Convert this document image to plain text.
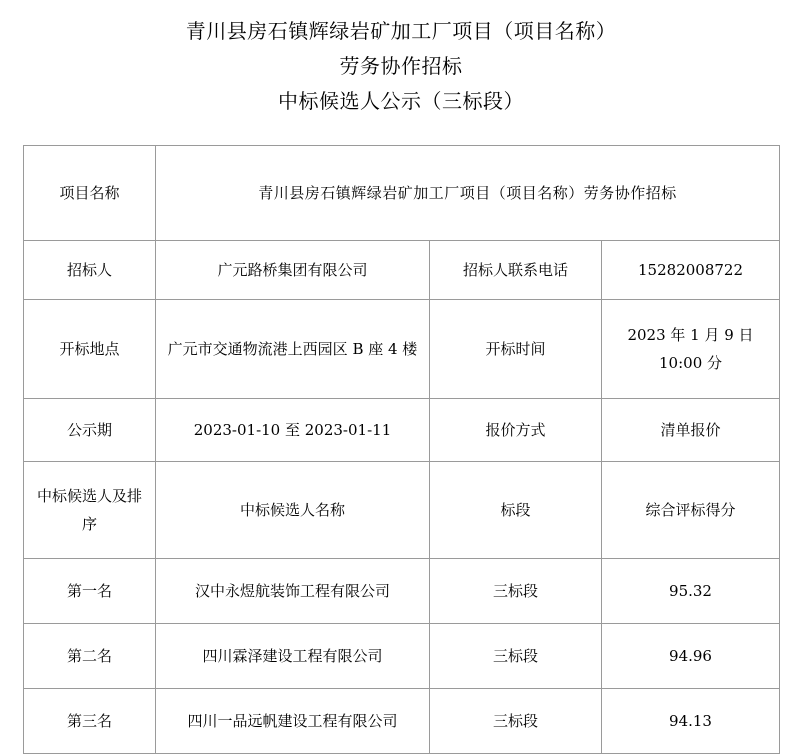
青川县房石镇辉绿岩矿加工厂项目（项目名称）
劳务协作招标
中标候选人公示（三标段）
项目名称	青川县房石镇辉绿岩矿加工厂项目（项目名称）劳务协作招标		
招标人	广元路桥集团有限公司	招标人联系电话	15282008722
开标地点	广元市交通物流港上西园区 B 座 4 楼	开标时间	2023 年 1 月 9 日 10:00 分
公示期	2023-01-10 至 2023-01-11	报价方式	清单报价
中标候选人及排序	中标候选人名称	标段	综合评标得分
第一名	汉中永煜航装饰工程有限公司	三标段	95.32
第二名	四川霖泽建设工程有限公司	三标段	94.96
第三名	四川一品远帆建设工程有限公司	三标段	94.13
